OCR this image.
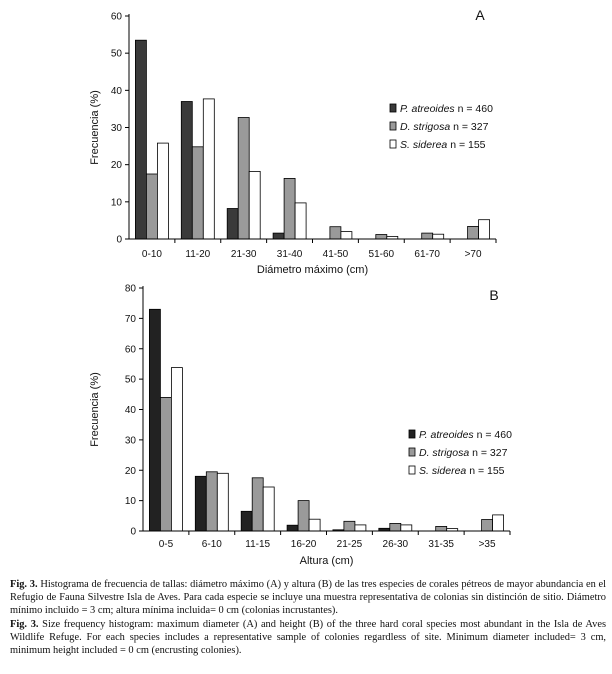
0
10
20
30
40
50
60
0-10 11-20 21-30 31-40 41-50 51-60 61-70 >70
Diámetro máximo (cm)
Frecuencia (%)
A
P. atreoides n = 460
D. strigosa n = 327
S. siderea n = 155
0
10
20
30
40
50
60
70
80
0-5	6-10 11-15 16-20 21-25 26-30 31-35 >35
Altura (cm)
Frecuencia (%)
B
P. atreoides n = 460
D. strigosa n = 327
S. siderea n = 155

Fig. 3. Histograma de frecuencia de tallas: diámetro máximo (A) y altura (B) de las tres especies de corales pétreos de mayor abundancia en el Refugio de Fauna Silvestre Isla de Aves. Para cada especie se incluye una muestra representativa de colonias sin distinción de sitio. Diámetro mínimo incluido = 3 cm; altura mínima incluida= 0 cm (colonias incrustantes).

Fig. 3. Size frequency histogram: maximum diameter (A) and height (B) of the three hard coral species most abundant in the Isla de Aves Wildlife Refuge. For each species includes a representative sample of colonies regardless of site. Minimum diameter included= 3 cm, minimum height included = 0 cm (encrusting colonies).
